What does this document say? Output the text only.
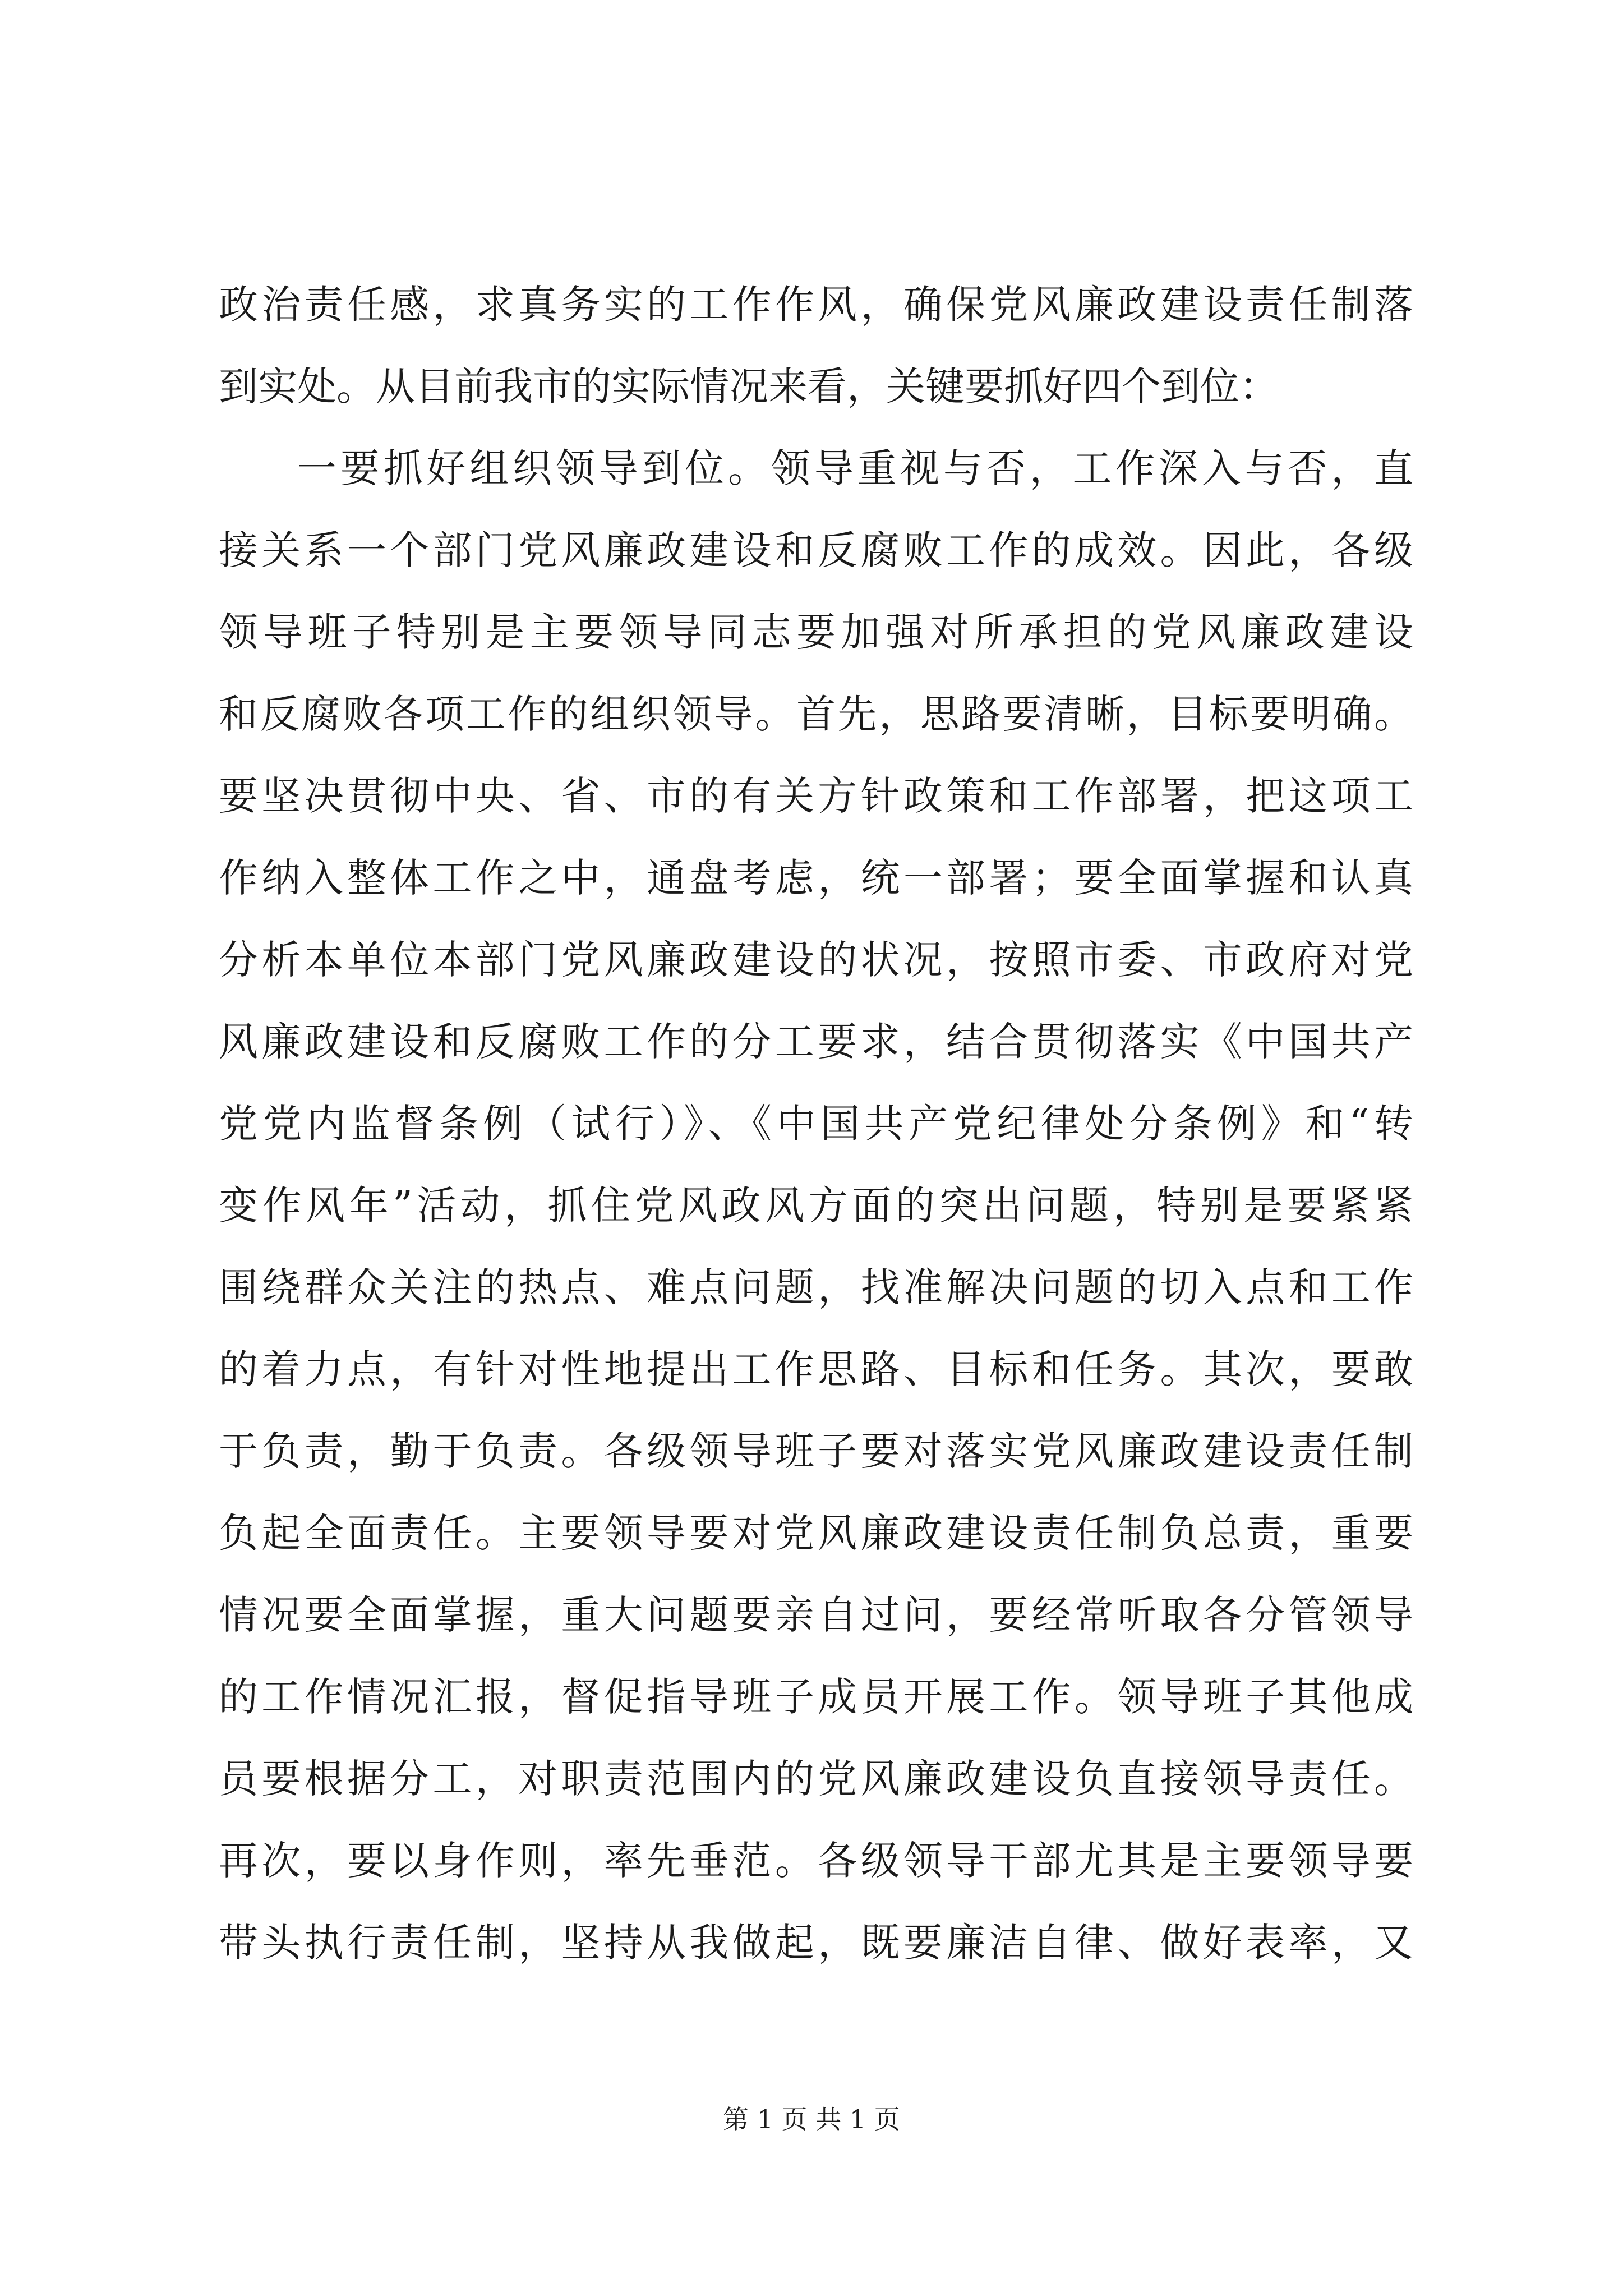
政治责任感，求真务实的工作作风，确保党风廉政建设责任制落
到实处。从目前我市的实际情况来看，关键要抓好四个到位：
一要抓好组织领导到位。领导重视与否，工作深入与否，直
接关系一个部门党风廉政建设和反腐败工作的成效。因此，各级
领导班子特别是主要领导同志要加强对所承担的党风廉政建设
和反腐败各项工作的组织领导。首先，思路要清晰，目标要明确。
要坚决贯彻中央、省、市的有关方针政策和工作部署，把这项工
作纳入整体工作之中，通盘考虑，统一部署；要全面掌握和认真
分析本单位本部门党风廉政建设的状况，按照市委、市政府对党
风廉政建设和反腐败工作的分工要求，结合贯彻落实《中国共产
党党内监督条例（试行）》、《中国共产党纪律处分条例》和“转
变作风年”活动，抓住党风政风方面的突出问题，特别是要紧紧
围绕群众关注的热点、难点问题，找准解决问题的切入点和工作
的着力点，有针对性地提出工作思路、目标和任务。其次，要敢
于负责，勤于负责。各级领导班子要对落实党风廉政建设责任制
负起全面责任。主要领导要对党风廉政建设责任制负总责，重要
情况要全面掌握，重大问题要亲自过问，要经常听取各分管领导
的工作情况汇报，督促指导班子成员开展工作。领导班子其他成
员要根据分工，对职责范围内的党风廉政建设负直接领导责任。
再次，要以身作则，率先垂范。各级领导干部尤其是主要领导要
带头执行责任制，坚持从我做起，既要廉洁自律、做好表率，又
第 1 页 共 1 页
